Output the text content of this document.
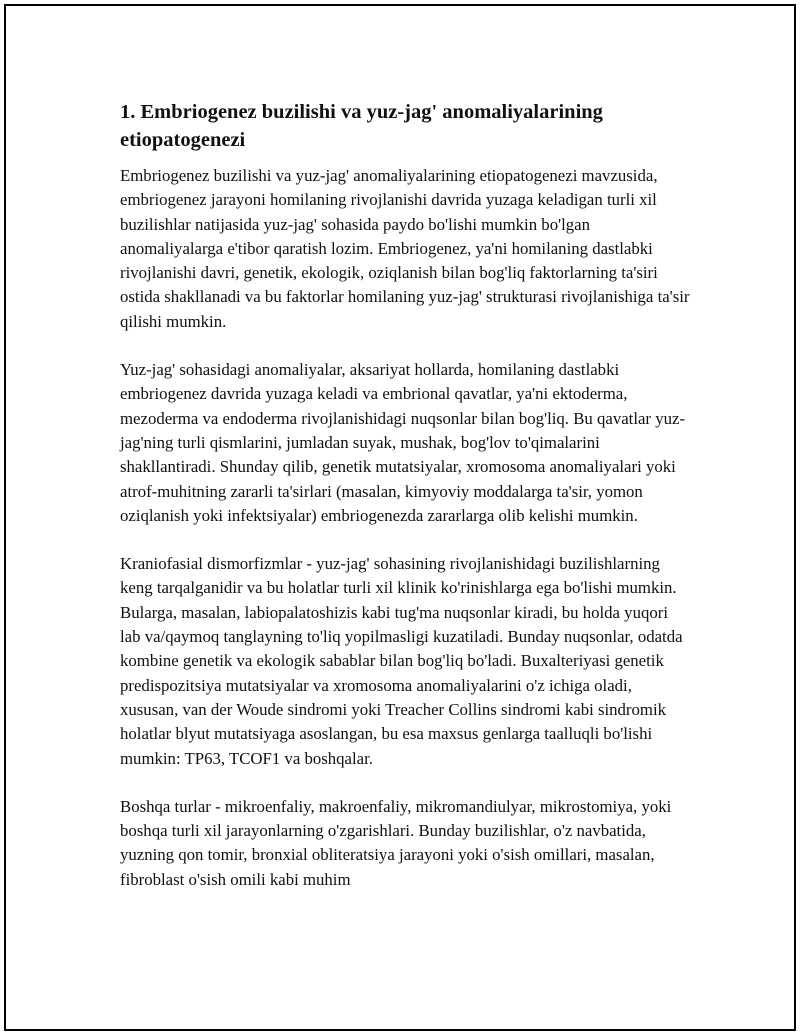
1. Embriogenez buzilishi va yuz-jag' anomaliyalarining etiopatogenezi

Embriogenez buzilishi va yuz-jag' anomaliyalarining etiopatogenezi mavzusida, embriogenez jarayoni homilaning rivojlanishi davrida yuzaga keladigan turli xil buzilishlar natijasida yuz-jag' sohasida paydo bo'lishi mumkin bo'lgan anomaliyalarga e'tibor qaratish lozim. Embriogenez, ya'ni homilaning dastlabki rivojlanishi davri, genetik, ekologik, oziqlanish bilan bog'liq faktorlarning ta'siri ostida shakllanadi va bu faktorlar homilaning yuz-jag' strukturasi rivojlanishiga ta'sir qilishi mumkin.

Yuz-jag' sohasidagi anomaliyalar, aksariyat hollarda, homilaning dastlabki embriogenez davrida yuzaga keladi va embrional qavatlar, ya'ni ektoderma, mezoderma va endoderma rivojlanishidagi nuqsonlar bilan bog'liq. Bu qavatlar yuz-jag'ning turli qismlarini, jumladan suyak, mushak, bog'lov to'qimalarini shakllantiradi. Shunday qilib, genetik mutatsiyalar, xromosoma anomaliyalari yoki atrof-muhitning zararli ta'sirlari (masalan, kimyoviy moddalarga ta'sir, yomon oziqlanish yoki infektsiyalar) embriogenezda zararlarga olib kelishi mumkin.

Kraniofasial dismorfizmlar - yuz-jag' sohasining rivojlanishidagi buzilishlarning keng tarqalganidir va bu holatlar turli xil klinik ko'rinishlarga ega bo'lishi mumkin. Bularga, masalan, labiopalatoshizis kabi tug'ma nuqsonlar kiradi, bu holda yuqori lab va/qaymoq tanglayning to'liq yopilmasligi kuzatiladi. Bunday nuqsonlar, odatda kombine genetik va ekologik sabablar bilan bog'liq bo'ladi. Buxalteriyasi genetik predispozitsiya mutatsiyalar va xromosoma anomaliyalarini o'z ichiga oladi, xususan, van der Woude sindromi yoki Treacher Collins sindromi kabi sindromik holatlar blyut mutatsiyaga asoslangan, bu esa maxsus genlarga taalluqli bo'lishi mumkin: TP63, TCOF1 va boshqalar.

Boshqa turlar - mikroenfaliy, makroenfaliy, mikromandiulyar, mikrostomiya, yoki boshqa turli xil jarayonlarning o'zgarishlari. Bunday buzilishlar, o'z navbatida, yuzning qon tomir, bronxial obliteratsiya jarayoni yoki o'sish omillari, masalan, fibroblast o'sish omili kabi muhim
